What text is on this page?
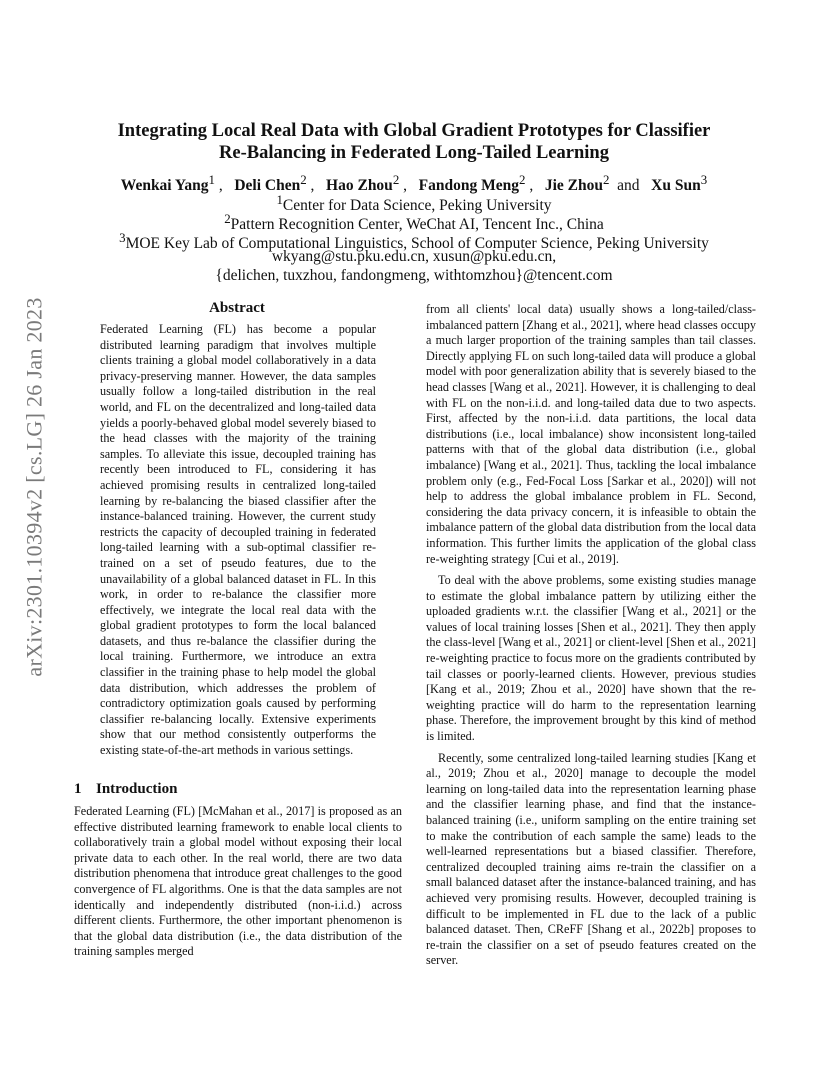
arXiv:2301.10394v2 [cs.LG] 26 Jan 2023
Integrating Local Real Data with Global Gradient Prototypes for Classifier
Re-Balancing in Federated Long-Tailed Learning
Wenkai Yang$^1$ ,   Deli Chen$^2$ ,   Hao Zhou$^2$ ,   Fandong Meng$^2$ ,   Jie Zhou$^2$  and   Xu Sun$^3$
$^1$Center for Data Science, Peking University
$^2$Pattern Recognition Center, WeChat AI, Tencent Inc., China
$^3$MOE Key Lab of Computational Linguistics, School of Computer Science, Peking University
wkyang@stu.pku.edu.cn, xusun@pku.edu.cn,
{delichen, tuxzhou, fandongmeng, withtomzhou}@tencent.com
Abstract

Federated Learning (FL) has become a popular distributed learning paradigm that involves multiple clients training a global model collaboratively in a data privacy-preserving manner. However, the data samples usually follow a long-tailed distribution in the real world, and FL on the decentralized and long-tailed data yields a poorly-behaved global model severely biased to the head classes with the majority of the training samples. To alleviate this issue, decoupled training has recently been introduced to FL, considering it has achieved promising results in centralized long-tailed learning by re-balancing the biased classifier after the instance-balanced training. However, the current study restricts the capacity of decoupled training in federated long-tailed learning with a sub-optimal classifier re-trained on a set of pseudo features, due to the unavailability of a global balanced dataset in FL. In this work, in order to re-balance the classifier more effectively, we integrate the local real data with the global gradient prototypes to form the local balanced datasets, and thus re-balance the classifier during the local training. Furthermore, we introduce an extra classifier in the training phase to help model the global data distribution, which addresses the problem of contradictory optimization goals caused by performing classifier re-balancing locally. Extensive experiments show that our method consistently outperforms the existing state-of-the-art methods in various settings.

1 Introduction

Federated Learning (FL) [McMahan et al., 2017] is proposed as an effective distributed learning framework to enable local clients to collaboratively train a global model without exposing their local private data to each other. In the real world, there are two data distribution phenomena that introduce great challenges to the good convergence of FL algorithms. One is that the data samples are not identically and independently distributed (non-i.i.d.) across different clients. Furthermore, the other important phenomenon is that the global data distribution (i.e., the data distribution of the training samples merged

from all clients' local data) usually shows a long-tailed/class-imbalanced pattern [Zhang et al., 2021], where head classes occupy a much larger proportion of the training samples than tail classes. Directly applying FL on such long-tailed data will produce a global model with poor generalization ability that is severely biased to the head classes [Wang et al., 2021]. However, it is challenging to deal with FL on the non-i.i.d. and long-tailed data due to two aspects. First, affected by the non-i.i.d. data partitions, the local data distributions (i.e., local imbalance) show inconsistent long-tailed patterns with that of the global data distribution (i.e., global imbalance) [Wang et al., 2021]. Thus, tackling the local imbalance problem only (e.g., Fed-Focal Loss [Sarkar et al., 2020]) will not help to address the global imbalance problem in FL. Second, considering the data privacy concern, it is infeasible to obtain the imbalance pattern of the global data distribution from the local data information. This further limits the application of the global class re-weighting strategy [Cui et al., 2019].

To deal with the above problems, some existing studies manage to estimate the global imbalance pattern by utilizing either the uploaded gradients w.r.t. the classifier [Wang et al., 2021] or the values of local training losses [Shen et al., 2021]. They then apply the class-level [Wang et al., 2021] or client-level [Shen et al., 2021] re-weighting practice to focus more on the gradients contributed by tail classes or poorly-learned clients. However, previous studies [Kang et al., 2019; Zhou et al., 2020] have shown that the re-weighting practice will do harm to the representation learning phase. Therefore, the improvement brought by this kind of method is limited.

Recently, some centralized long-tailed learning studies [Kang et al., 2019; Zhou et al., 2020] manage to decouple the model learning on long-tailed data into the representation learning phase and the classifier learning phase, and find that the instance-balanced training (i.e., uniform sampling on the entire training set to make the contribution of each sample the same) leads to the well-learned representations but a biased classifier. Therefore, centralized decoupled training aims re-train the classifier on a small balanced dataset after the instance-balanced training, and has achieved very promising results. However, decoupled training is difficult to be implemented in FL due to the lack of a public balanced dataset. Then, CReFF [Shang et al., 2022b] proposes to re-train the classifier on a set of pseudo features created on the server.
